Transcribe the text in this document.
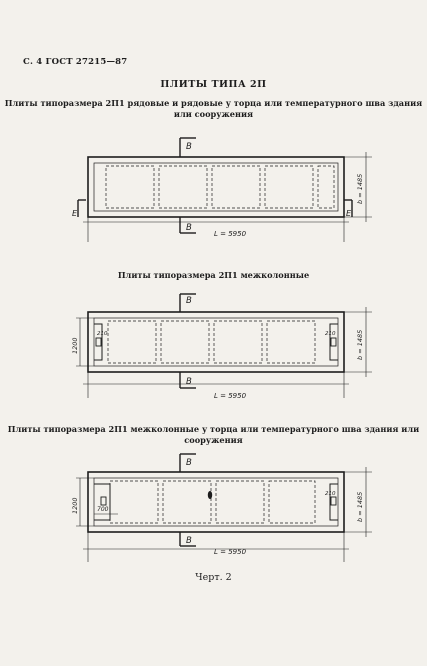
С. 4 ГОСТ 27215—87

ПЛИТЫ ТИПА 2П

Плиты типоразмера 2П1 рядовые и рядовые у торца или температурного шва здания или сооружения

В
В
Е	Е
L = 5950
b = 1485

Плиты типоразмера 2П1 межколонные

В
В
L = 5950
b = 1485
1200
210	210

Плиты типоразмера 2П1 межколонные у торца или температурного шва здания или сооружения

В
В
L = 5950
b = 1485
1200	700
210

Черт. 2
